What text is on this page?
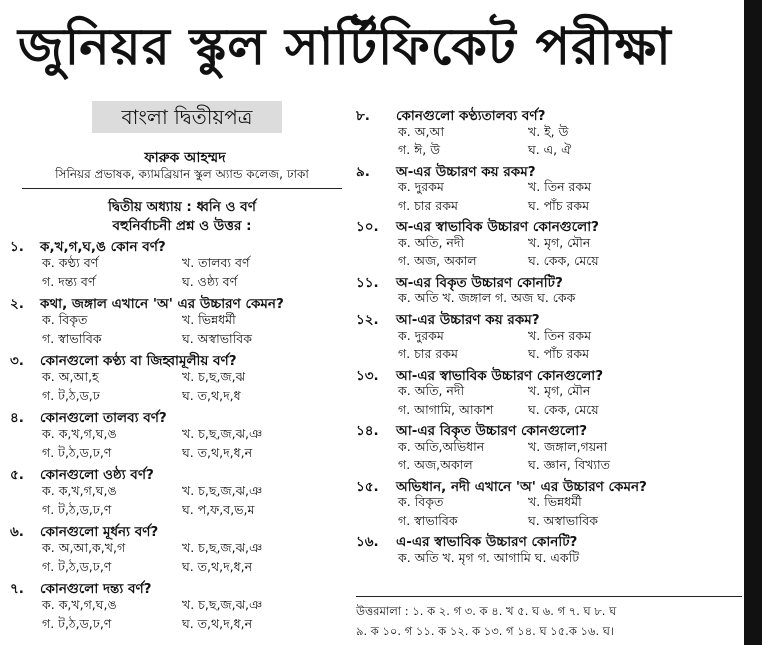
জুনিয়র স্কুল সার্টিফিকেট পরীক্ষা
বাংলা দ্বিতীয়পত্র
ফারুক আহম্মদ
সিনিয়র প্রভাষক, ক্যামব্রিয়ান স্কুল অ্যান্ড কলেজ, ঢাকা
দ্বিতীয় অধ্যায় : ধ্বনি ও বর্ণ
বহুনির্বাচনী প্রশ্ন ও উত্তর :
১. ক,খ,গ,ঘ,ঙ কোন বর্ণ?
ক. কণ্ঠ্য বর্ণ	খ. তালব্য বর্ণ
গ. দন্ত্য বর্ণ	ঘ. ওষ্ঠ্য বর্ণ
২. কথা, জঙ্গাল এখানে 'অ' এর উচ্চারণ কেমন?
ক. বিকৃত	খ. ভিন্নধর্মী
গ. স্বাভাবিক	ঘ. অস্বাভাবিক
৩. কোনগুলো কণ্ঠ্য বা জিহ্বামূলীয় বর্ণ?
ক. অ,আ,হ	খ. চ,ছ,জ,ঝ
গ. ট,ঠ,ড,ঢ	ঘ. ত,থ,দ,ধ
৪. কোনগুলো তালব্য বর্ণ?
ক. ক,খ,গ,ঘ,ঙ	খ. চ,ছ,জ,ঝ,ঞ
গ. ট,ঠ,ড,ঢ,ণ	ঘ. ত,থ,দ,ধ,ন
৫. কোনগুলো ওষ্ঠ্য বর্ণ?
ক. ক,খ,গ,ঘ,ঙ	খ. চ,ছ,জ,ঝ,ঞ
গ. ট,ঠ,ড,ঢ,ণ	ঘ. প,ফ,ব,ভ,ম
৬. কোনগুলো মূর্ধন্য বর্ণ?
ক. অ,আ,ক,খ,গ	খ. চ,ছ,জ,ঝ,ঞ
গ. ট,ঠ,ড,ঢ,ণ	ঘ. ত,থ,দ,ধ,ন
৭. কোনগুলো দন্ত্য বর্ণ?
ক. ক,খ,গ,ঘ,ঙ	খ. চ,ছ,জ,ঝ,ঞ
গ. ট,ঠ,ড,ঢ,ণ	ঘ. ত,থ,দ,ধ,ন
৮. কোনগুলো কণ্ঠ্যতালব্য বর্ণ?
ক. অ,আ	খ. ই, উ
গ. ঈ, উ	ঘ. এ, ঐ
৯. অ-এর উচ্চারণ কয় রকম?
ক. দুরকম	খ. তিন রকম
গ. চার রকম	ঘ. পাঁচ রকম
১০. অ-এর স্বাভাবিক উচ্চারণ কোনগুলো?
ক. অতি, নদী	খ. মৃগ, মৌন
গ. অজ, অকাল	ঘ. কেক, মেয়ে
১১. অ-এর বিকৃত উচ্চারণ কোনটি?
ক. অতি খ. জঙ্গাল গ. অজ ঘ. কেক
১২. আ-এর উচ্চারণ কয় রকম?
ক. দুরকম	খ. তিন রকম
গ. চার রকম	ঘ. পাঁচ রকম
১৩. আ-এর স্বাভাবিক উচ্চারণ কোনগুলো?
ক. অতি, নদী	খ. মৃগ, মৌন
গ. আগামি, আকাশ	ঘ. কেক, মেয়ে
১৪. আ-এর বিকৃত উচ্চারণ কোনগুলো?
ক. অতি,অভিধান	খ. জঙ্গাল,গয়না
গ. অজ,অকাল	ঘ. জ্ঞান, বিখ্যাত
১৫. অভিধান, নদী এখানে 'অ' এর উচ্চারণ কেমন?
ক. বিকৃত	খ. ভিন্নধর্মী
গ. স্বাভাবিক	ঘ. অস্বাভাবিক
১৬. এ-এর স্বাভাবিক উচ্চারণ কোনটি?
ক. অতি খ. মৃগ গ. আগামি ঘ. একটি
উত্তরমালা : ১. ক ২. গ ৩. ক ৪. খ ৫. ঘ ৬. গ ৭. ঘ ৮. ঘ
৯. ক ১০. গ ১১. ক ১২. ক ১৩. গ ১৪. ঘ ১৫.ক ১৬. ঘ।
